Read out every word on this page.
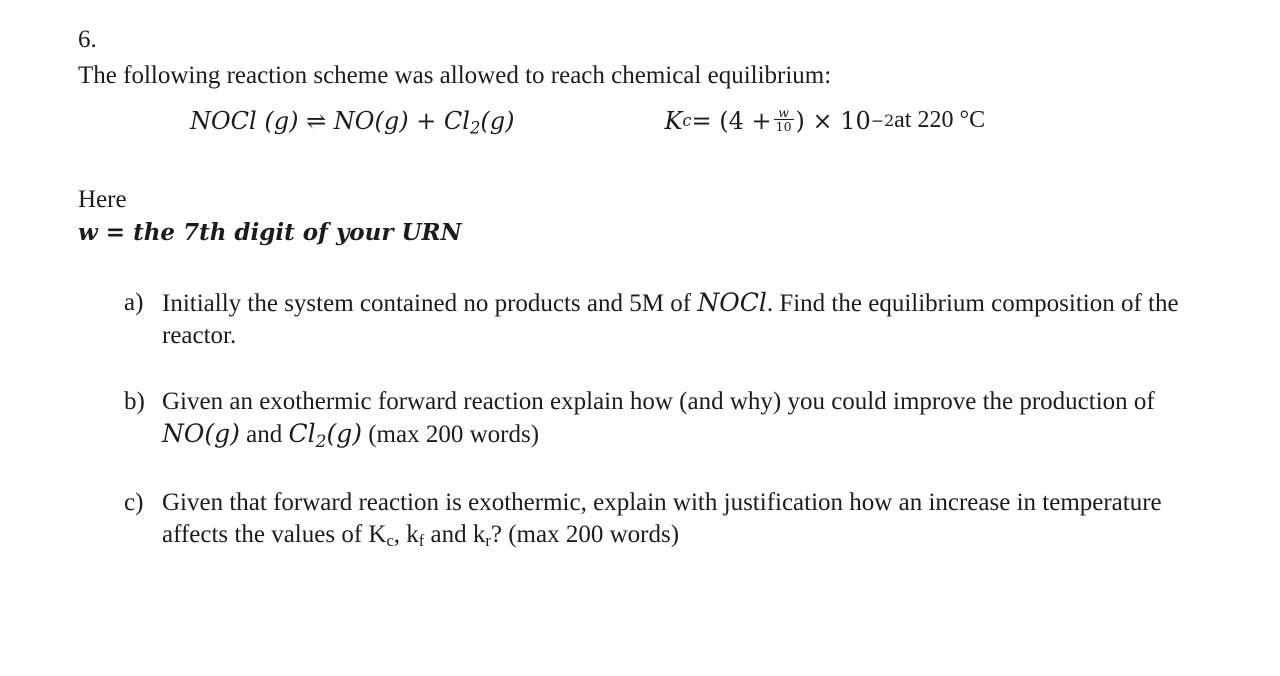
6.
The following reaction scheme was allowed to reach chemical equilibrium:
NOCl (g) ⇌ $NO(g) + Cl_2(g)$	K $c = (4 + \frac{w}{10}$ ) × 10 −2 at 220 °C
Here
w = the 7th digit of your URN
a) Initially the system contained no products and 5M of NOCl. Find the equilibrium composition of the reactor.
b) Given an exothermic forward reaction explain how (and why) you could improve the production of NO(g) and $Cl_2(g)$ (max 200 words)
c) Given that forward reaction is exothermic, explain with justification how an increase in temperature affects the values of Kc, kf and kr? (max 200 words)
